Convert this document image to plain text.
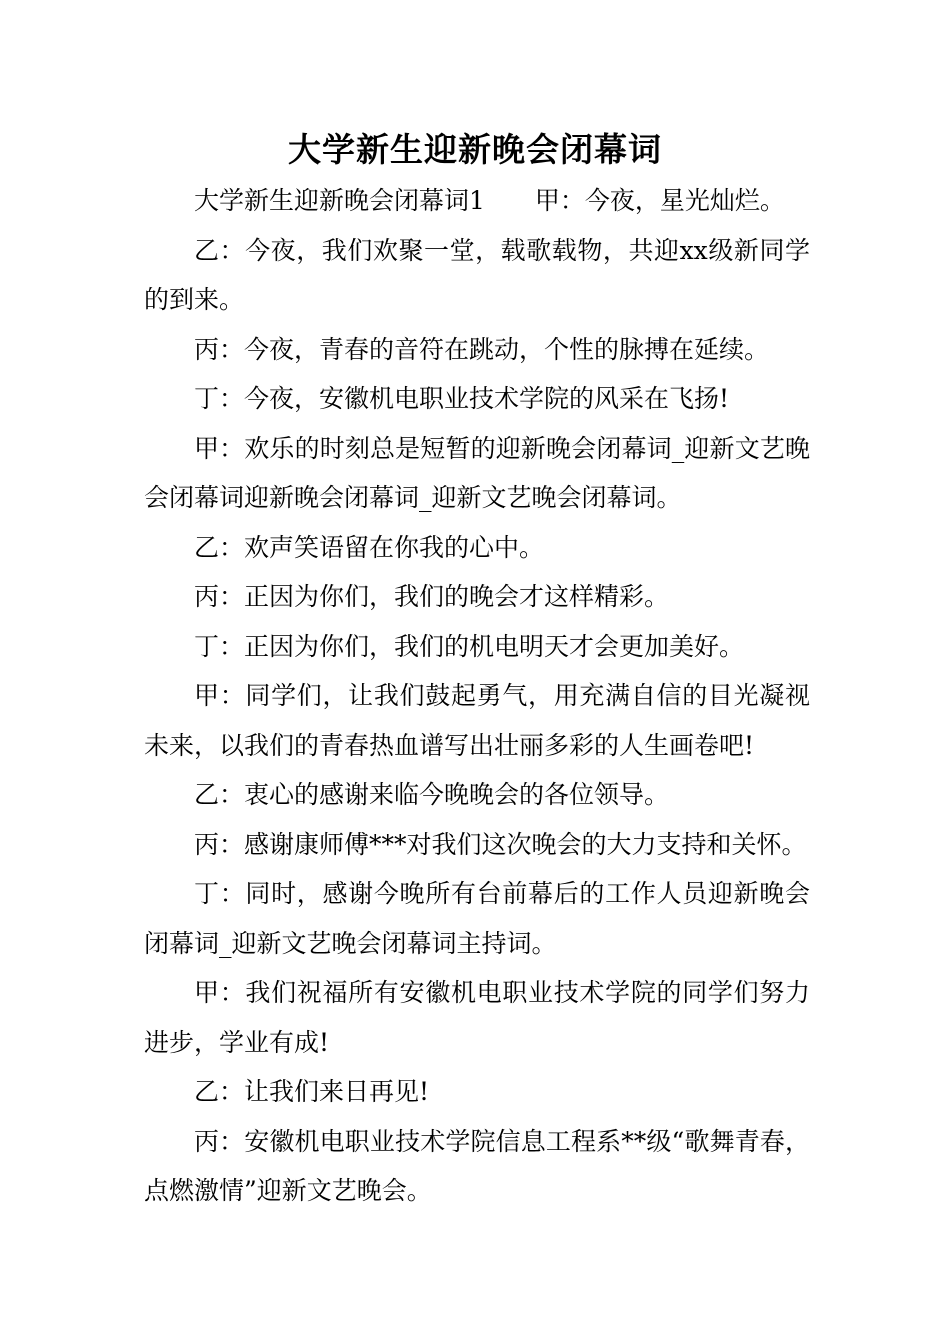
大学新生迎新晚会闭幕词

大学新生迎新晚会闭幕词1　　甲：今夜，星光灿烂。

乙：今夜，我们欢聚一堂，载歌载物，共迎xx级新同学的到来。

丙：今夜，青春的音符在跳动，个性的脉搏在延续。

丁：今夜，安徽机电职业技术学院的风采在飞扬!

甲：欢乐的时刻总是短暂的迎新晚会闭幕词_迎新文艺晚会闭幕词迎新晚会闭幕词_迎新文艺晚会闭幕词。

乙：欢声笑语留在你我的心中。

丙：正因为你们，我们的晚会才这样精彩。

丁：正因为你们，我们的机电明天才会更加美好。

甲：同学们，让我们鼓起勇气，用充满自信的目光凝视未来，以我们的青春热血谱写出壮丽多彩的人生画卷吧!

乙：衷心的感谢来临今晚晚会的各位领导。

丙：感谢康师傅***对我们这次晚会的大力支持和关怀。

丁：同时，感谢今晚所有台前幕后的工作人员迎新晚会闭幕词_迎新文艺晚会闭幕词主持词。

甲：我们祝福所有安徽机电职业技术学院的同学们努力进步，学业有成!

乙：让我们来日再见!

丙：安徽机电职业技术学院信息工程系**级“歌舞青春，点燃激情”迎新文艺晚会。
